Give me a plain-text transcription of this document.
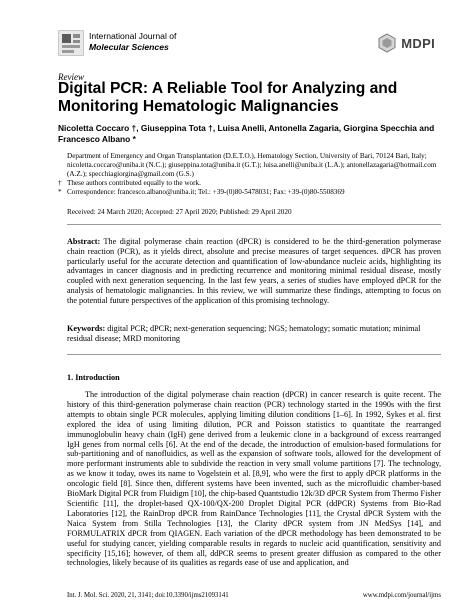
International Journal of
Molecular Sciences	MDPI
Review
Digital PCR: A Reliable Tool for Analyzing and Monitoring Hematologic Malignancies
Nicoletta Coccaro †, Giuseppina Tota †, Luisa Anelli, Antonella Zagaria, Giorgina Specchia and Francesco Albano *
Department of Emergency and Organ Transplantation (D.E.T.O.), Hematology Section, University of Bari, 70124 Bari, Italy; nicoletta.coccaro@uniba.it (N.C.); giuseppina.tota@uniba.it (G.T.); luisa.anelli@uniba.it (L.A.); antonellazagaria@hotmail.com (A.Z.); specchiagiorgina@gmail.com (G.S.)
† These authors contributed equally to the work.
* Correspondence: francesco.albano@uniba.it; Tel.: +39-(0)80-5478031; Fax: +39-(0)80-5508369
Received: 24 March 2020; Accepted: 27 April 2020; Published: 29 April 2020
Abstract: The digital polymerase chain reaction (dPCR) is considered to be the third-generation polymerase chain reaction (PCR), as it yields direct, absolute and precise measures of target sequences. dPCR has proven particularly useful for the accurate detection and quantification of low-abundance nucleic acids, highlighting its advantages in cancer diagnosis and in predicting recurrence and monitoring minimal residual disease, mostly coupled with next generation sequencing. In the last few years, a series of studies have employed dPCR for the analysis of hematologic malignancies. In this review, we will summarize these findings, attempting to focus on the potential future perspectives of the application of this promising technology.
Keywords: digital PCR; dPCR; next-generation sequencing; NGS; hematology; somatic mutation; minimal residual disease; MRD monitoring
1. Introduction
The introduction of the digital polymerase chain reaction (dPCR) in cancer research is quite recent. The history of this third-generation polymerase chain reaction (PCR) technology started in the 1990s with the first attempts to obtain single PCR molecules, applying limiting dilution conditions [1–6]. In 1992, Sykes et al. first explored the idea of using limiting dilution, PCR and Poisson statistics to quantitate the rearranged immunoglobulin heavy chain (IgH) gene derived from a leukemic clone in a background of excess rearranged IgH genes from normal cells [6]. At the end of the decade, the introduction of emulsion-based formulations for sub-partitioning and of nanofluidics, as well as the expansion of software tools, allowed for the development of more performant instruments able to subdivide the reaction in very small volume partitions [7]. The technology, as we know it today, owes its name to Vogelstein et al. [8,9], who were the first to apply dPCR platforms in the oncologic field [8]. Since then, different systems have been invented, such as the microfluidic chamber-based BioMark Digital PCR from Fluidigm [10], the chip-based Quantstudio 12k/3D dPCR System from Thermo Fisher Scientific [11], the droplet-based QX-100/QX-200 Droplet Digital PCR (ddPCR) Systems from Bio-Rad Laboratories [12], the RainDrop dPCR from RainDance Technologies [11], the Crystal dPCR System with the Naica System from Stilla Technologies [13], the Clarity dPCR system from JN MedSys [14], and FORMULATRIX dPCR from QIAGEN. Each variation of the dPCR methodology has been demonstrated to be useful for studying cancer, yielding comparable results in regards to nucleic acid quantification, sensitivity and specificity [15,16]; however, of them all, ddPCR seems to present greater diffusion as compared to the other technologies, likely because of its qualities as regards ease of use and application, and
Int. J. Mol. Sci. 2020, 21, 3141; doi:10.3390/ijms21093141	www.mdpi.com/journal/ijms
